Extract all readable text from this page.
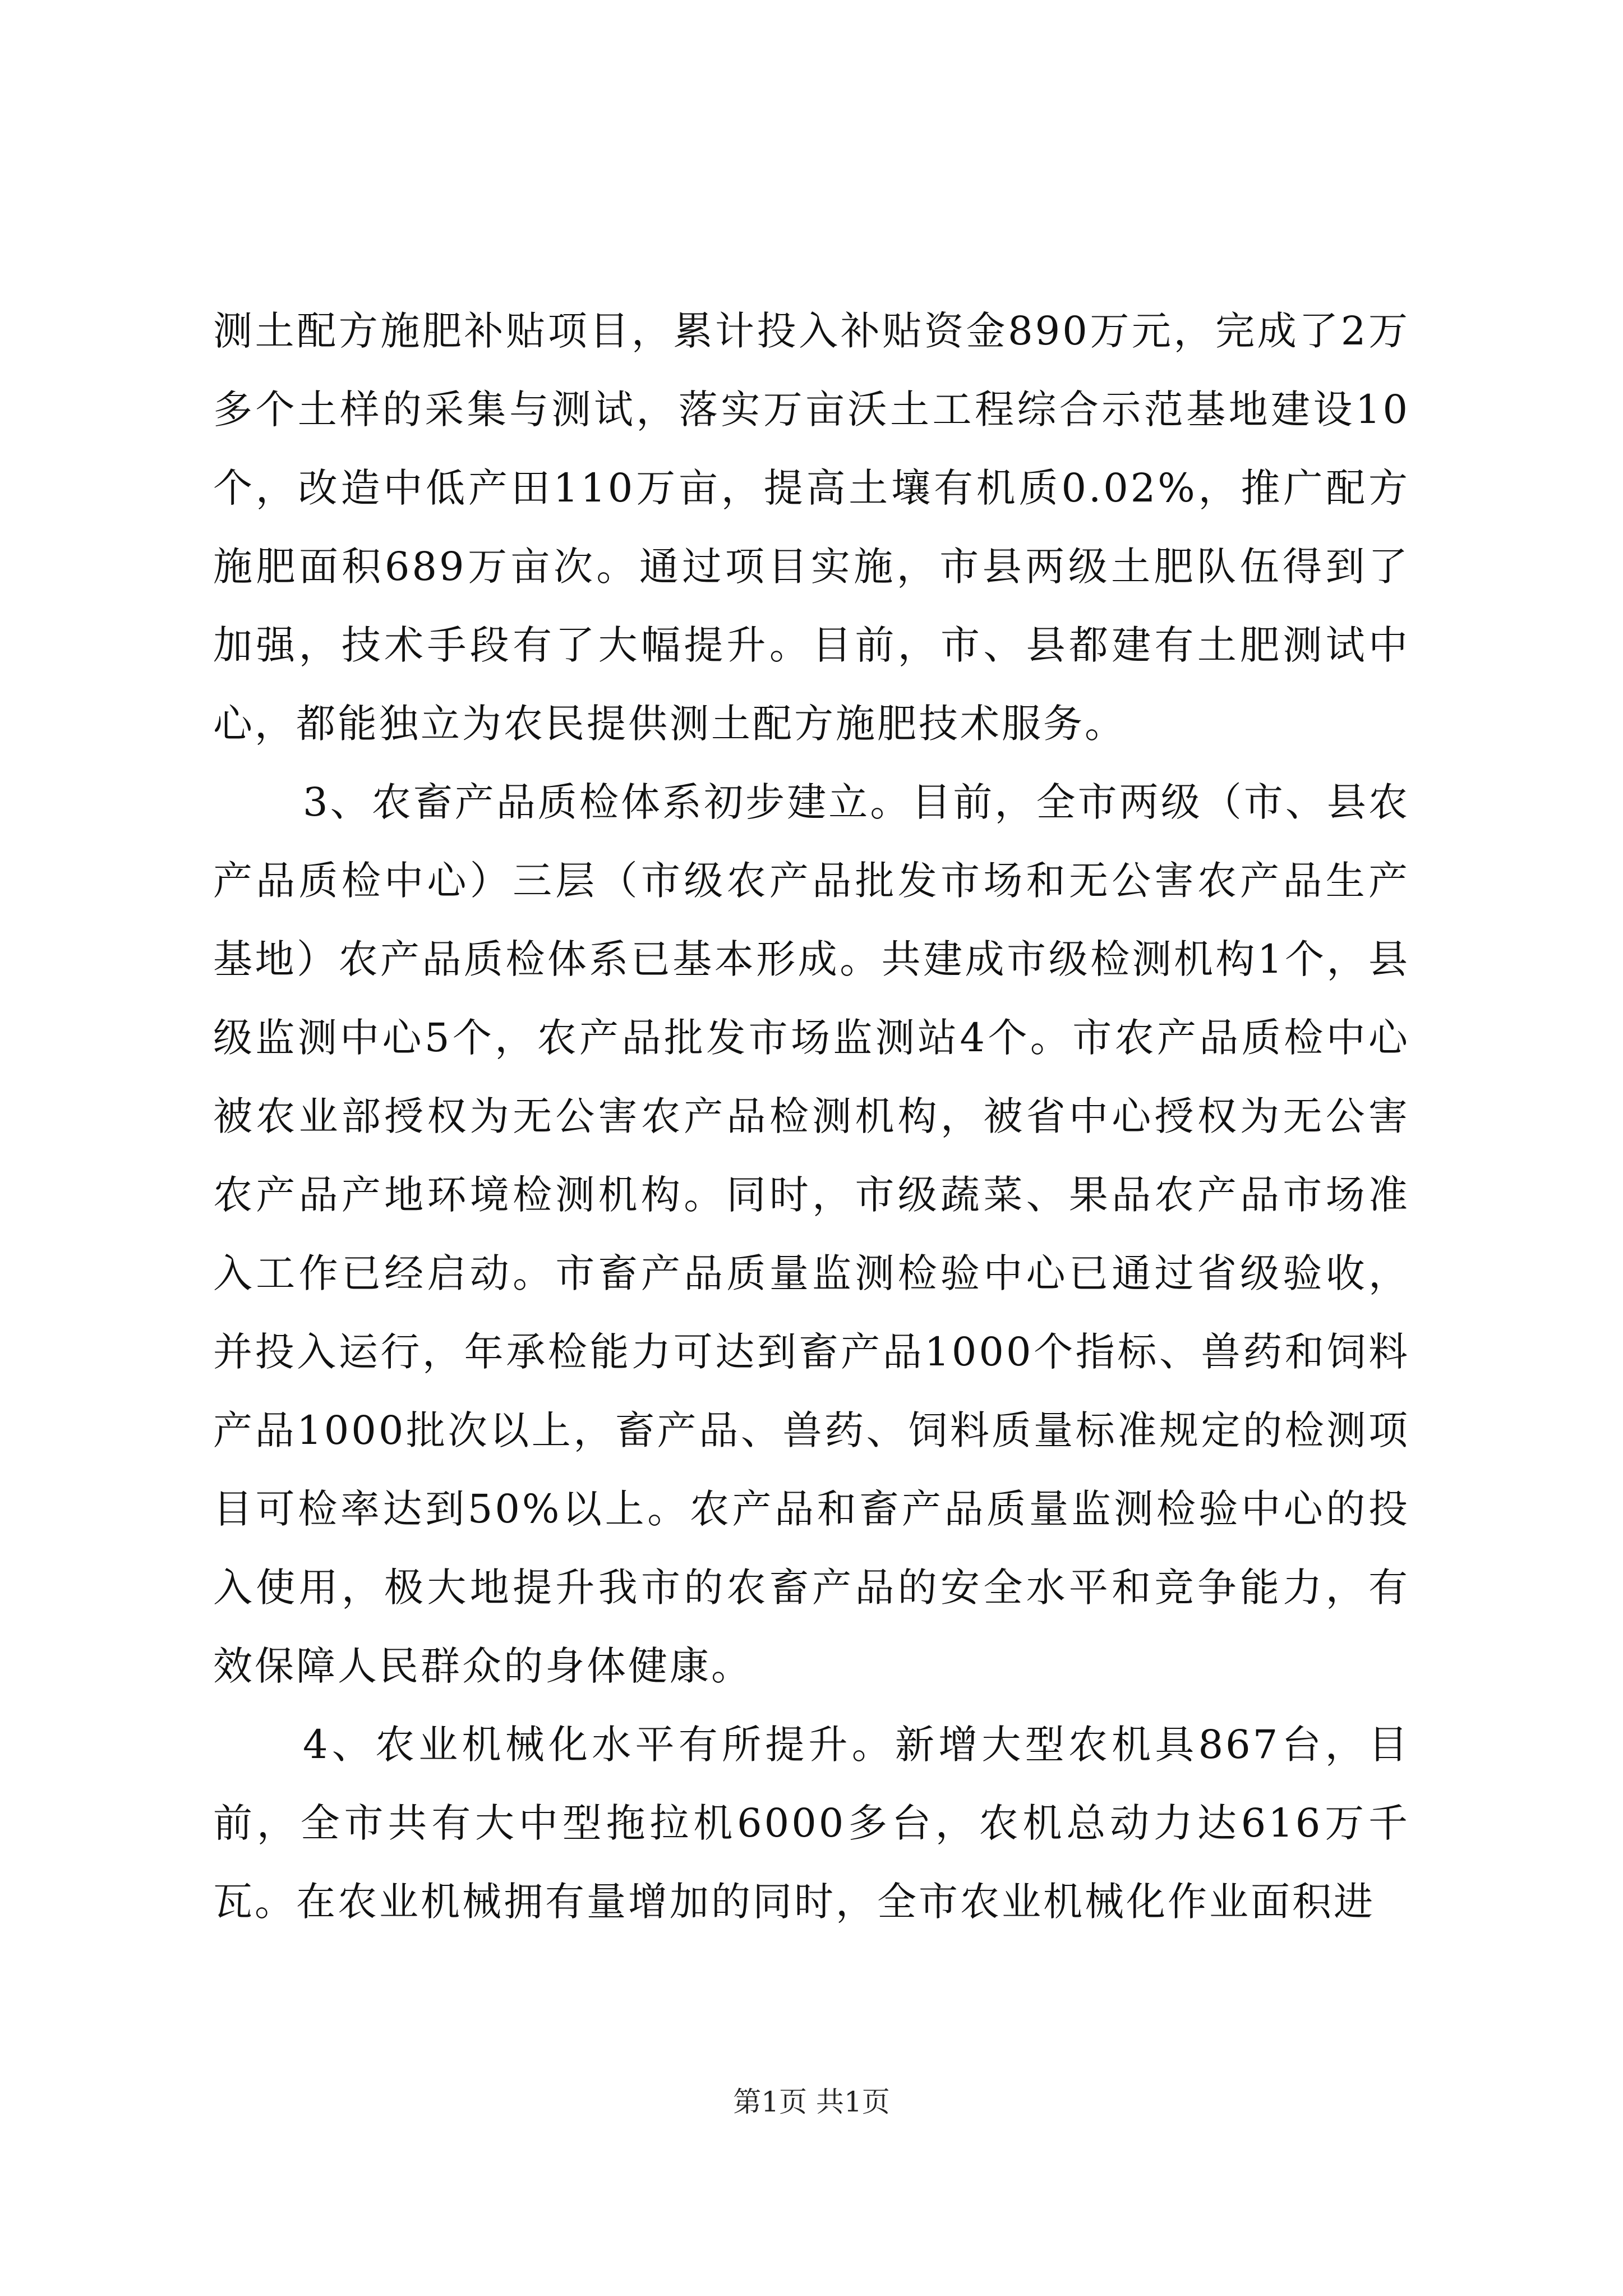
测土配方施肥补贴项目，累计投入补贴资金890万元，完成了2万多个土样的采集与测试，落实万亩沃土工程综合示范基地建设10个，改造中低产田110万亩，提高土壤有机质0.02%，推广配方施肥面积689万亩次。通过项目实施，市县两级土肥队伍得到了加强，技术手段有了大幅提升。目前，市、县都建有土肥测试中心，都能独立为农民提供测土配方施肥技术服务。

3、农畜产品质检体系初步建立。目前，全市两级（市、县农产品质检中心）三层（市级农产品批发市场和无公害农产品生产基地）农产品质检体系已基本形成。共建成市级检测机构1个，县级监测中心5个，农产品批发市场监测站4个。市农产品质检中心被农业部授权为无公害农产品检测机构，被省中心授权为无公害农产品产地环境检测机构。同时，市级蔬菜、果品农产品市场准入工作已经启动。市畜产品质量监测检验中心已通过省级验收，并投入运行，年承检能力可达到畜产品1000个指标、兽药和饲料产品1000批次以上，畜产品、兽药、饲料质量标准规定的检测项目可检率达到50%以上。农产品和畜产品质量监测检验中心的投入使用，极大地提升我市的农畜产品的安全水平和竞争能力，有效保障人民群众的身体健康。

4、农业机械化水平有所提升。新增大型农机具867台，目前，全市共有大中型拖拉机6000多台，农机总动力达616万千瓦。在农业机械拥有量增加的同时，全市农业机械化作业面积进

第1页 共1页
